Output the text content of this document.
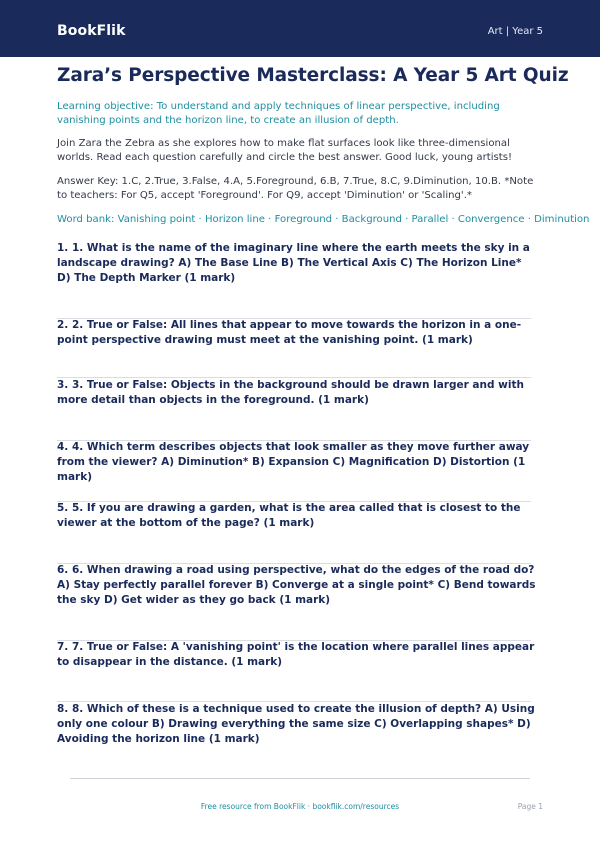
BookFlik	Art | Year 5
Zara’s Perspective Masterclass: A Year 5 Art Quiz
Learning objective: To understand and apply techniques of linear perspective, including vanishing points and the horizon line, to create an illusion of depth.
Join Zara the Zebra as she explores how to make flat surfaces look like three-dimensional worlds. Read each question carefully and circle the best answer. Good luck, young artists!
Answer Key: 1.C, 2.True, 3.False, 4.A, 5.Foreground, 6.B, 7.True, 8.C, 9.Diminution, 10.B. *Note to teachers: For Q5, accept 'Foreground'. For Q9, accept 'Diminution' or 'Scaling'.*
Word bank: Vanishing point · Horizon line · Foreground · Background · Parallel · Convergence · Diminution
1. 1. What is the name of the imaginary line where the earth meets the sky in a landscape drawing? A) The Base Line B) The Vertical Axis C) The Horizon Line* D) The Depth Marker (1 mark)
2. 2. True or False: All lines that appear to move towards the horizon in a one-point perspective drawing must meet at the vanishing point. (1 mark)
3. 3. True or False: Objects in the background should be drawn larger and with more detail than objects in the foreground. (1 mark)
4. 4. Which term describes objects that look smaller as they move further away from the viewer? A) Diminution* B) Expansion C) Magnification D) Distortion (1 mark)
5. 5. If you are drawing a garden, what is the area called that is closest to the viewer at the bottom of the page? (1 mark)
6. 6. When drawing a road using perspective, what do the edges of the road do? A) Stay perfectly parallel forever B) Converge at a single point* C) Bend towards the sky D) Get wider as they go back (1 mark)
7. 7. True or False: A 'vanishing point' is the location where parallel lines appear to disappear in the distance. (1 mark)
8. 8. Which of these is a technique used to create the illusion of depth? A) Using only one colour B) Drawing everything the same size C) Overlapping shapes* D) Avoiding the horizon line (1 mark)
Free resource from BookFlik · bookflik.com/resources	Page 1
